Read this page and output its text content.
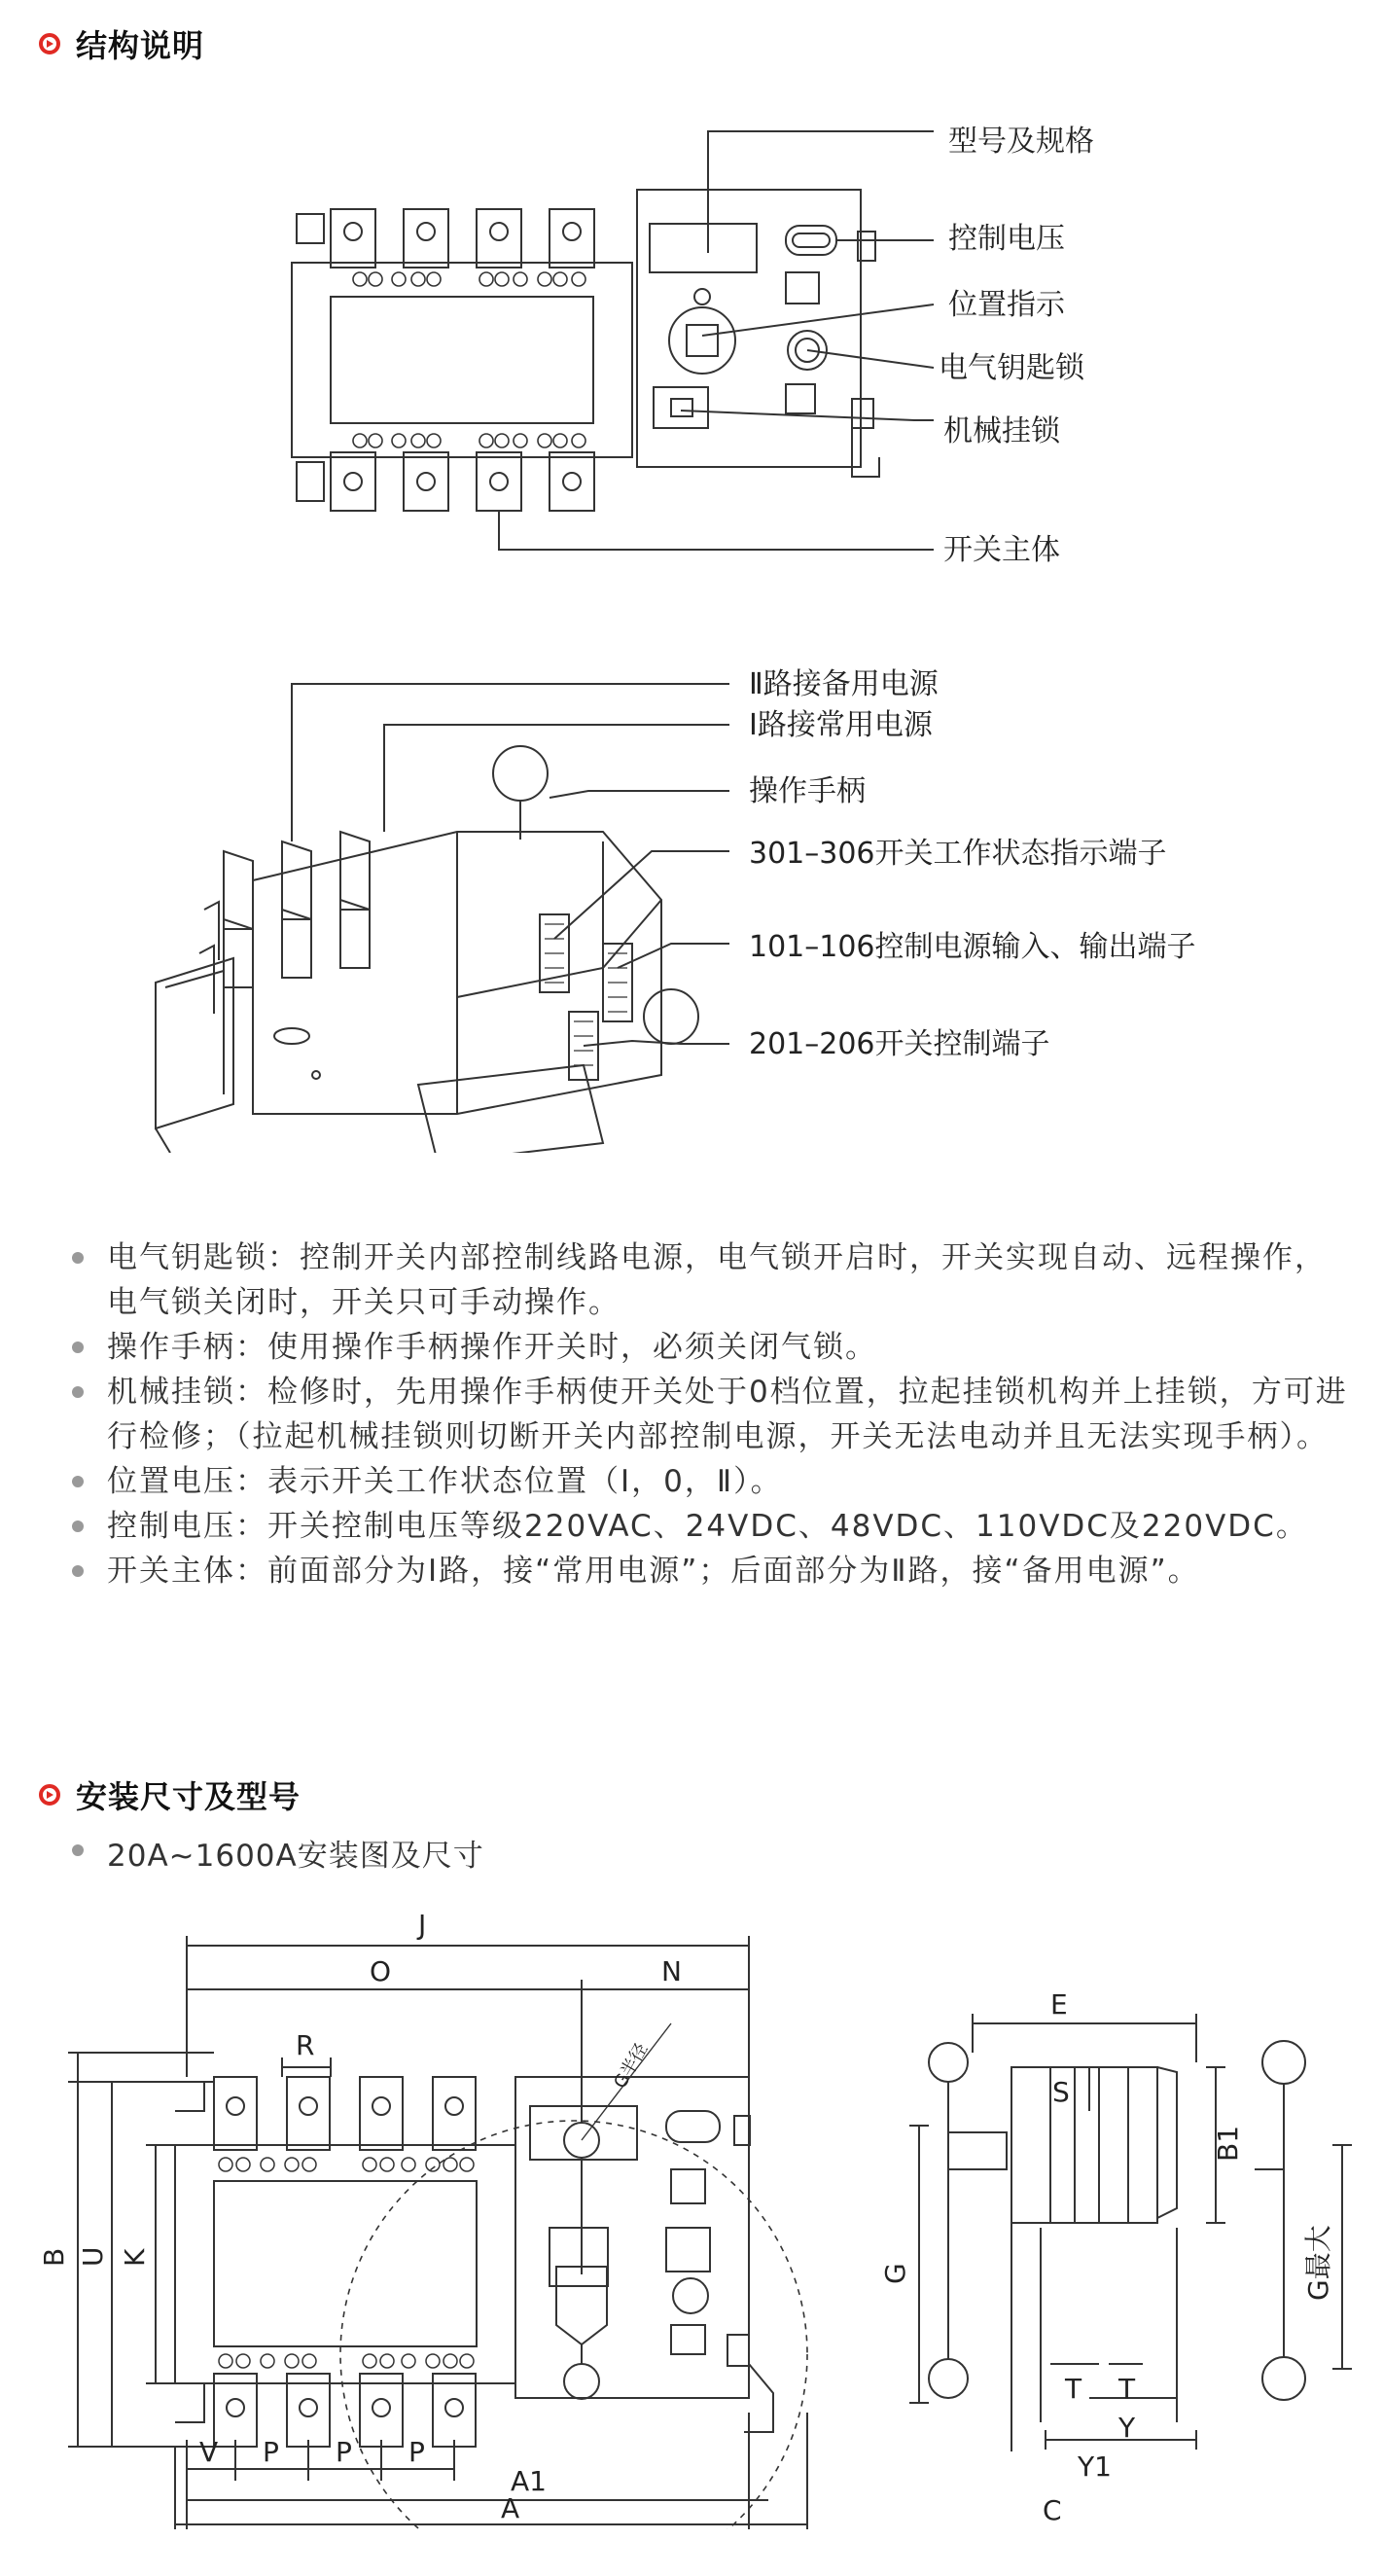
结构说明
型号及规格
控制电压
位置指示
电气钥匙锁
机械挂锁
开关主体
Ⅱ路接备用电源
Ⅰ路接常用电源
操作手柄
301–306开关工作状态指示端子
101–106控制电源输入、输出端子
201–206开关控制端子
电气钥匙锁：控制开关内部控制线路电源，电气锁开启时，开关实现自动、远程操作，电气锁关闭时，开关只可手动操作。
操作手柄：使用操作手柄操作开关时，必须关闭气锁。
机械挂锁：检修时，先用操作手柄使开关处于0档位置，拉起挂锁机构并上挂锁，方可进行检修；（拉起机械挂锁则切断开关内部控制电源，开关无法电动并且无法实现手柄）。
位置电压：表示开关工作状态位置（Ⅰ，0，Ⅱ）。
控制电压：开关控制电压等级220VAC、24VDC、48VDC、110VDC及220VDC。
开关主体：前面部分为Ⅰ路，接“常用电源”；后面部分为Ⅱ路，接“备用电源”。
安装尺寸及型号
20A~1600A安装图及尺寸
J
O	N
R	G半径
B U K
V P P P
A1
A
E
S
B1
T T
Y
Y1
C
G	G最大
